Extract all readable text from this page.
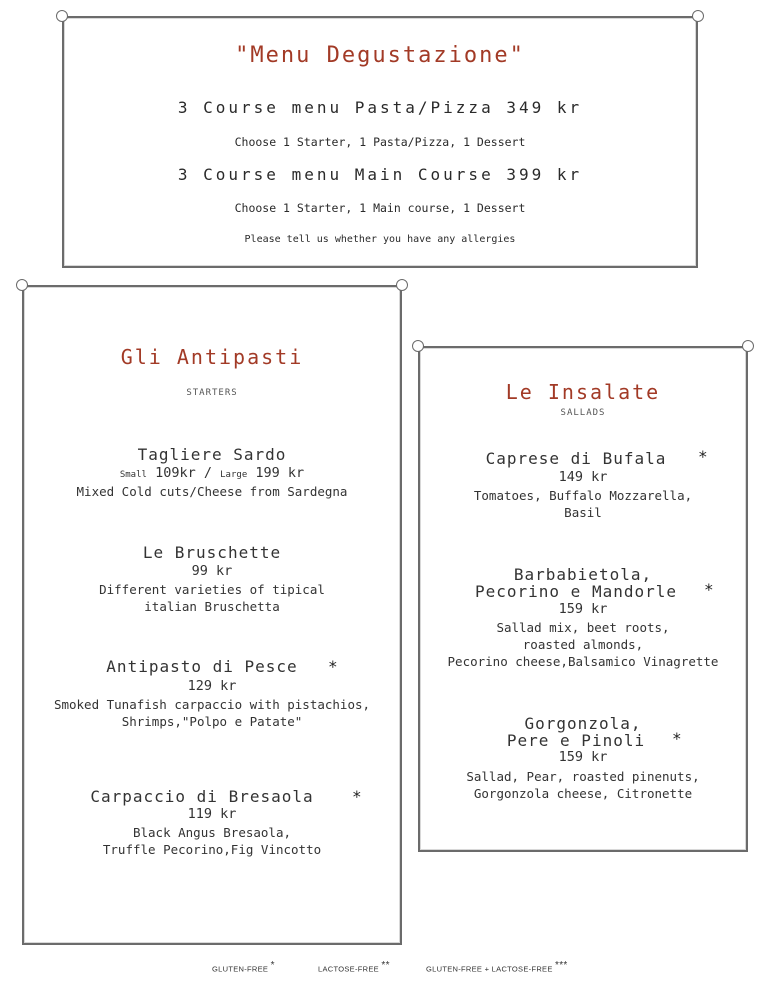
"Menu Degustazione"
3 Course menu Pasta/Pizza 349 kr
Choose 1 Starter, 1 Pasta/Pizza, 1 Dessert
3 Course menu Main Course 399 kr
Choose 1 Starter, 1 Main course, 1 Dessert
Please tell us whether you have any allergies
Gli Antipasti
STARTERS
Tagliere Sardo
Small 109kr / Large 199 kr
Mixed Cold cuts/Cheese from Sardegna
Le Bruschette
99 kr
Different varieties of tipical
italian Bruschetta
Antipasto di Pesce	*
129 kr
Smoked Tunafish carpaccio with pistachios,
Shrimps,"Polpo e Patate"
Carpaccio di Bresaola	*
119 kr
Black Angus Bresaola,
Truffle Pecorino,Fig Vincotto
Le Insalate
SALLADS
Caprese di Bufala	*
149 kr
Tomatoes, Buffalo Mozzarella,
Basil
Barbabietola,
Pecorino e Mandorle	*
159 kr
Sallad mix, beet roots,
roasted almonds,
Pecorino cheese,Balsamico Vinagrette
Gorgonzola,
Pere e Pinoli	*
159 kr
Sallad, Pear, roasted pinenuts,
Gorgonzola cheese, Citronette
GLUTEN-FREE *	LACTOSE-FREE **	GLUTEN-FREE + LACTOSE-FREE ***
